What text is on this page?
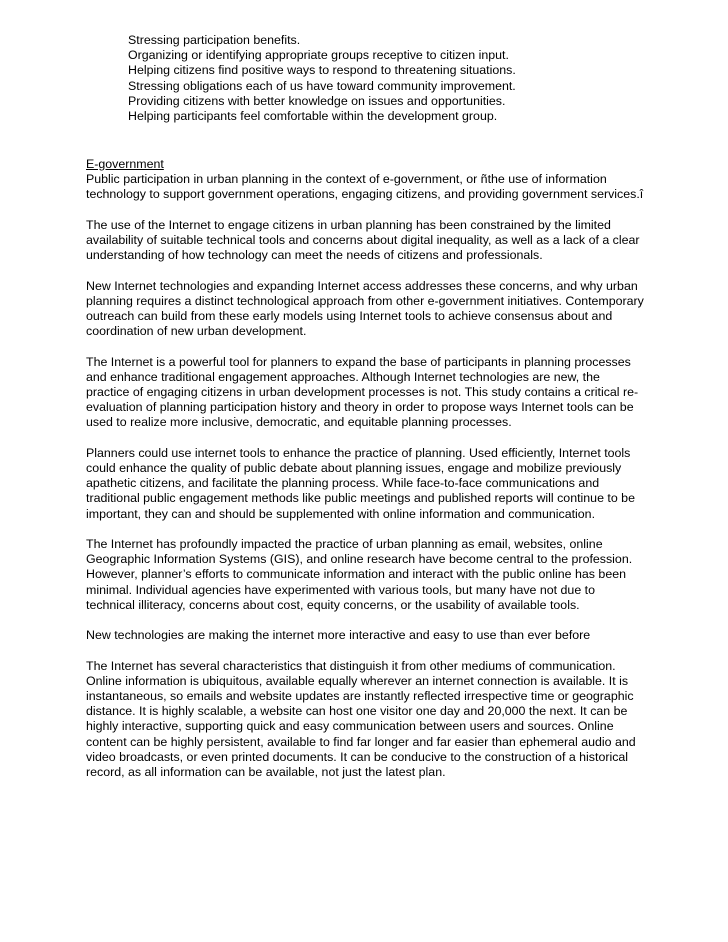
Stressing participation benefits.
Organizing or identifying appropriate groups receptive to citizen input.
Helping citizens find positive ways to respond to threatening situations.
Stressing obligations each of us have toward community improvement.
Providing citizens with better knowledge on issues and opportunities.
Helping participants feel comfortable within the development group.
E-government

Public participation in urban planning in the context of e-government, or ñthe use of information technology to support government operations, engaging citizens, and providing government services.î

The use of the Internet to engage citizens in urban planning has been constrained by the limited availability of suitable technical tools and concerns about digital inequality, as well as a lack of a clear understanding of how technology can meet the needs of citizens and professionals.

New Internet technologies and expanding Internet access addresses these concerns, and why urban planning requires a distinct technological approach from other e-government initiatives. Contemporary outreach can build from these early models using Internet tools to achieve consensus about and coordination of new urban development.

The Internet is a powerful tool for planners to expand the base of participants in planning processes and enhance traditional engagement approaches. Although Internet technologies are new, the practice of engaging citizens in urban development processes is not. This study contains a critical re-evaluation of planning participation history and theory in order to propose ways Internet tools can be used to realize more inclusive, democratic, and equitable planning processes.

Planners could use internet tools to enhance the practice of planning. Used efficiently, Internet tools could enhance the quality of public debate about planning issues, engage and mobilize previously apathetic citizens, and facilitate the planning process. While face-to-face communications and traditional public engagement methods like public meetings and published reports will continue to be important, they can and should be supplemented with online information and communication.

The Internet has profoundly impacted the practice of urban planning as email, websites, online Geographic Information Systems (GIS), and online research have become central to the profession. However, planner’s efforts to communicate information and interact with the public online has been minimal. Individual agencies have experimented with various tools, but many have not due to technical illiteracy, concerns about cost, equity concerns, or the usability of available tools.

New technologies are making the internet more interactive and easy to use than ever before

The Internet has several characteristics that distinguish it from other mediums of communication. Online information is ubiquitous, available equally wherever an internet connection is available. It is instantaneous, so emails and website updates are instantly reflected irrespective time or geographic distance. It is highly scalable, a website can host one visitor one day and 20,000 the next. It can be highly interactive, supporting quick and easy communication between users and sources. Online content can be highly persistent, available to find far longer and far easier than ephemeral audio and video broadcasts, or even printed documents. It can be conducive to the construction of a historical record, as all information can be available, not just the latest plan.
